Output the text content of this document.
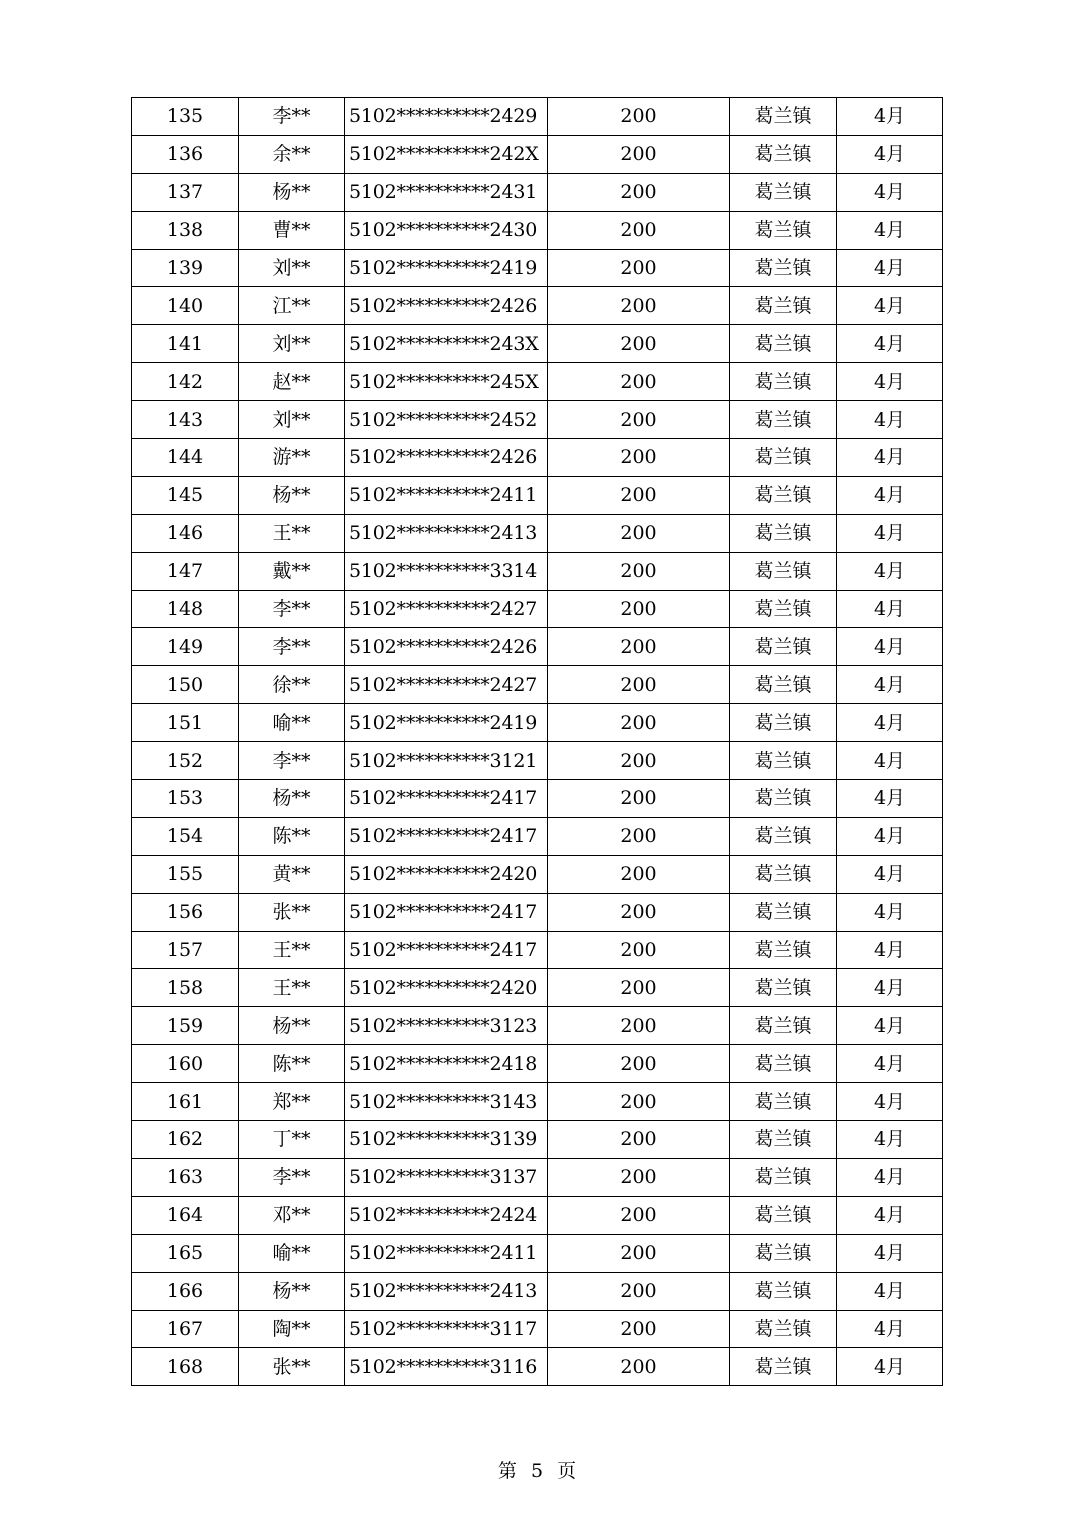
135	李**	5102**********2429	200	葛兰镇	4月
136	余**	5102**********242X	200	葛兰镇	4月
137	杨**	5102**********2431	200	葛兰镇	4月
138	曹**	5102**********2430	200	葛兰镇	4月
139	刘**	5102**********2419	200	葛兰镇	4月
140	江**	5102**********2426	200	葛兰镇	4月
141	刘**	5102**********243X	200	葛兰镇	4月
142	赵**	5102**********245X	200	葛兰镇	4月
143	刘**	5102**********2452	200	葛兰镇	4月
144	游**	5102**********2426	200	葛兰镇	4月
145	杨**	5102**********2411	200	葛兰镇	4月
146	王**	5102**********2413	200	葛兰镇	4月
147	戴**	5102**********3314	200	葛兰镇	4月
148	李**	5102**********2427	200	葛兰镇	4月
149	李**	5102**********2426	200	葛兰镇	4月
150	徐**	5102**********2427	200	葛兰镇	4月
151	喻**	5102**********2419	200	葛兰镇	4月
152	李**	5102**********3121	200	葛兰镇	4月
153	杨**	5102**********2417	200	葛兰镇	4月
154	陈**	5102**********2417	200	葛兰镇	4月
155	黄**	5102**********2420	200	葛兰镇	4月
156	张**	5102**********2417	200	葛兰镇	4月
157	王**	5102**********2417	200	葛兰镇	4月
158	王**	5102**********2420	200	葛兰镇	4月
159	杨**	5102**********3123	200	葛兰镇	4月
160	陈**	5102**********2418	200	葛兰镇	4月
161	郑**	5102**********3143	200	葛兰镇	4月
162	丁**	5102**********3139	200	葛兰镇	4月
163	李**	5102**********3137	200	葛兰镇	4月
164	邓**	5102**********2424	200	葛兰镇	4月
165	喻**	5102**********2411	200	葛兰镇	4月
166	杨**	5102**********2413	200	葛兰镇	4月
167	陶**	5102**********3117	200	葛兰镇	4月
168	张**	5102**********3116	200	葛兰镇	4月
第 5 页
